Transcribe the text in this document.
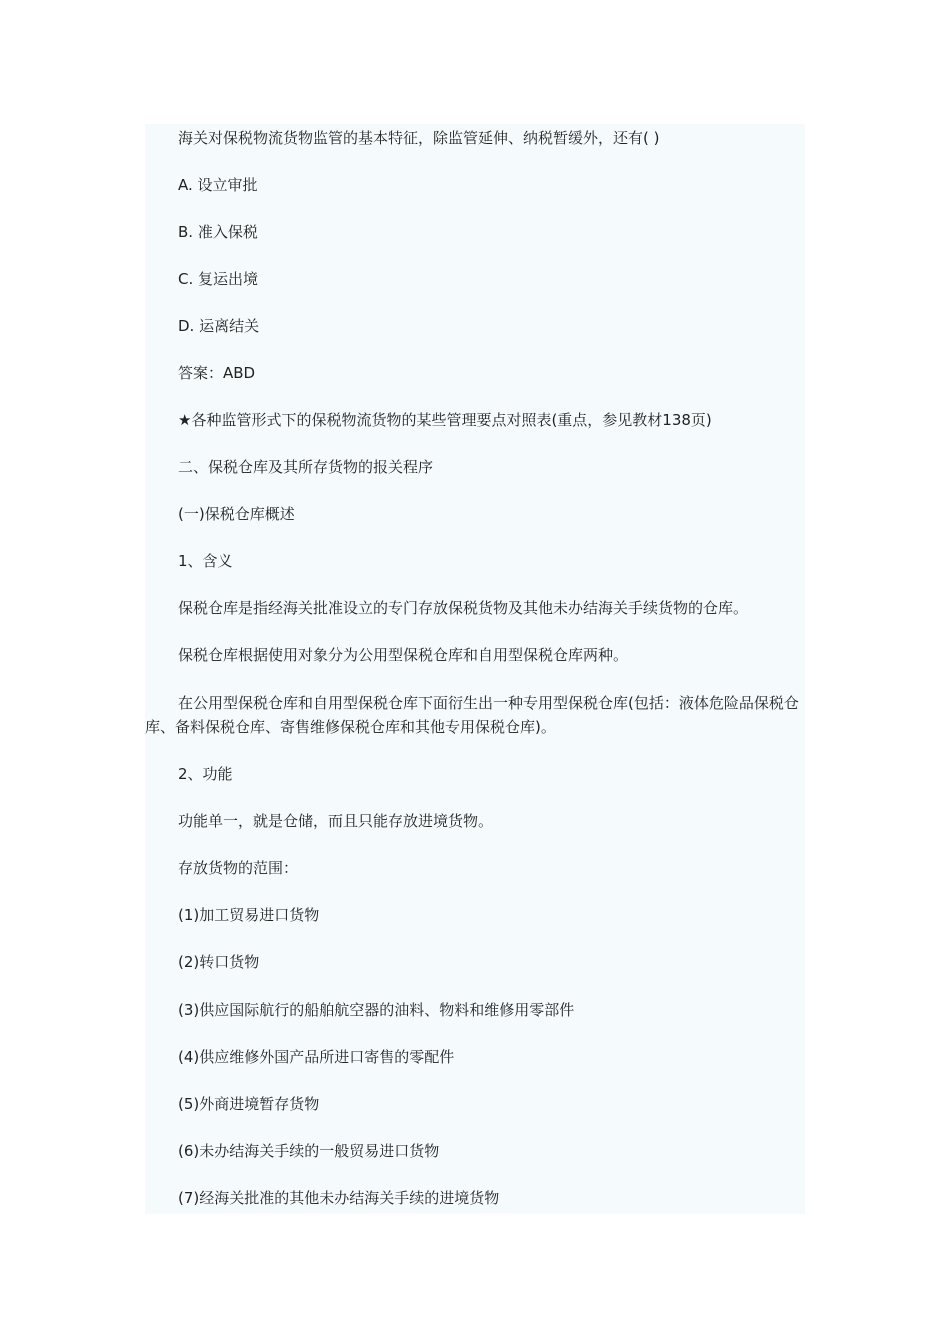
海关对保税物流货物监管的基本特征，除监管延伸、纳税暂缓外，还有( )
A. 设立审批
B. 准入保税
C. 复运出境
D. 运离结关
答案：ABD
★各种监管形式下的保税物流货物的某些管理要点对照表(重点，参见教材138页)
二、保税仓库及其所存货物的报关程序
(一)保税仓库概述
1、含义
保税仓库是指经海关批准设立的专门存放保税货物及其他未办结海关手续货物的仓库。
保税仓库根据使用对象分为公用型保税仓库和自用型保税仓库两种。
在公用型保税仓库和自用型保税仓库下面衍生出一种专用型保税仓库(包括：液体危险品保税仓库、备料保税仓库、寄售维修保税仓库和其他专用保税仓库)。
2、功能
功能单一，就是仓储，而且只能存放进境货物。
存放货物的范围：
(1)加工贸易进口货物
(2)转口货物
(3)供应国际航行的船舶航空器的油料、物料和维修用零部件
(4)供应维修外国产品所进口寄售的零配件
(5)外商进境暂存货物
(6)未办结海关手续的一般贸易进口货物
(7)经海关批准的其他未办结海关手续的进境货物
